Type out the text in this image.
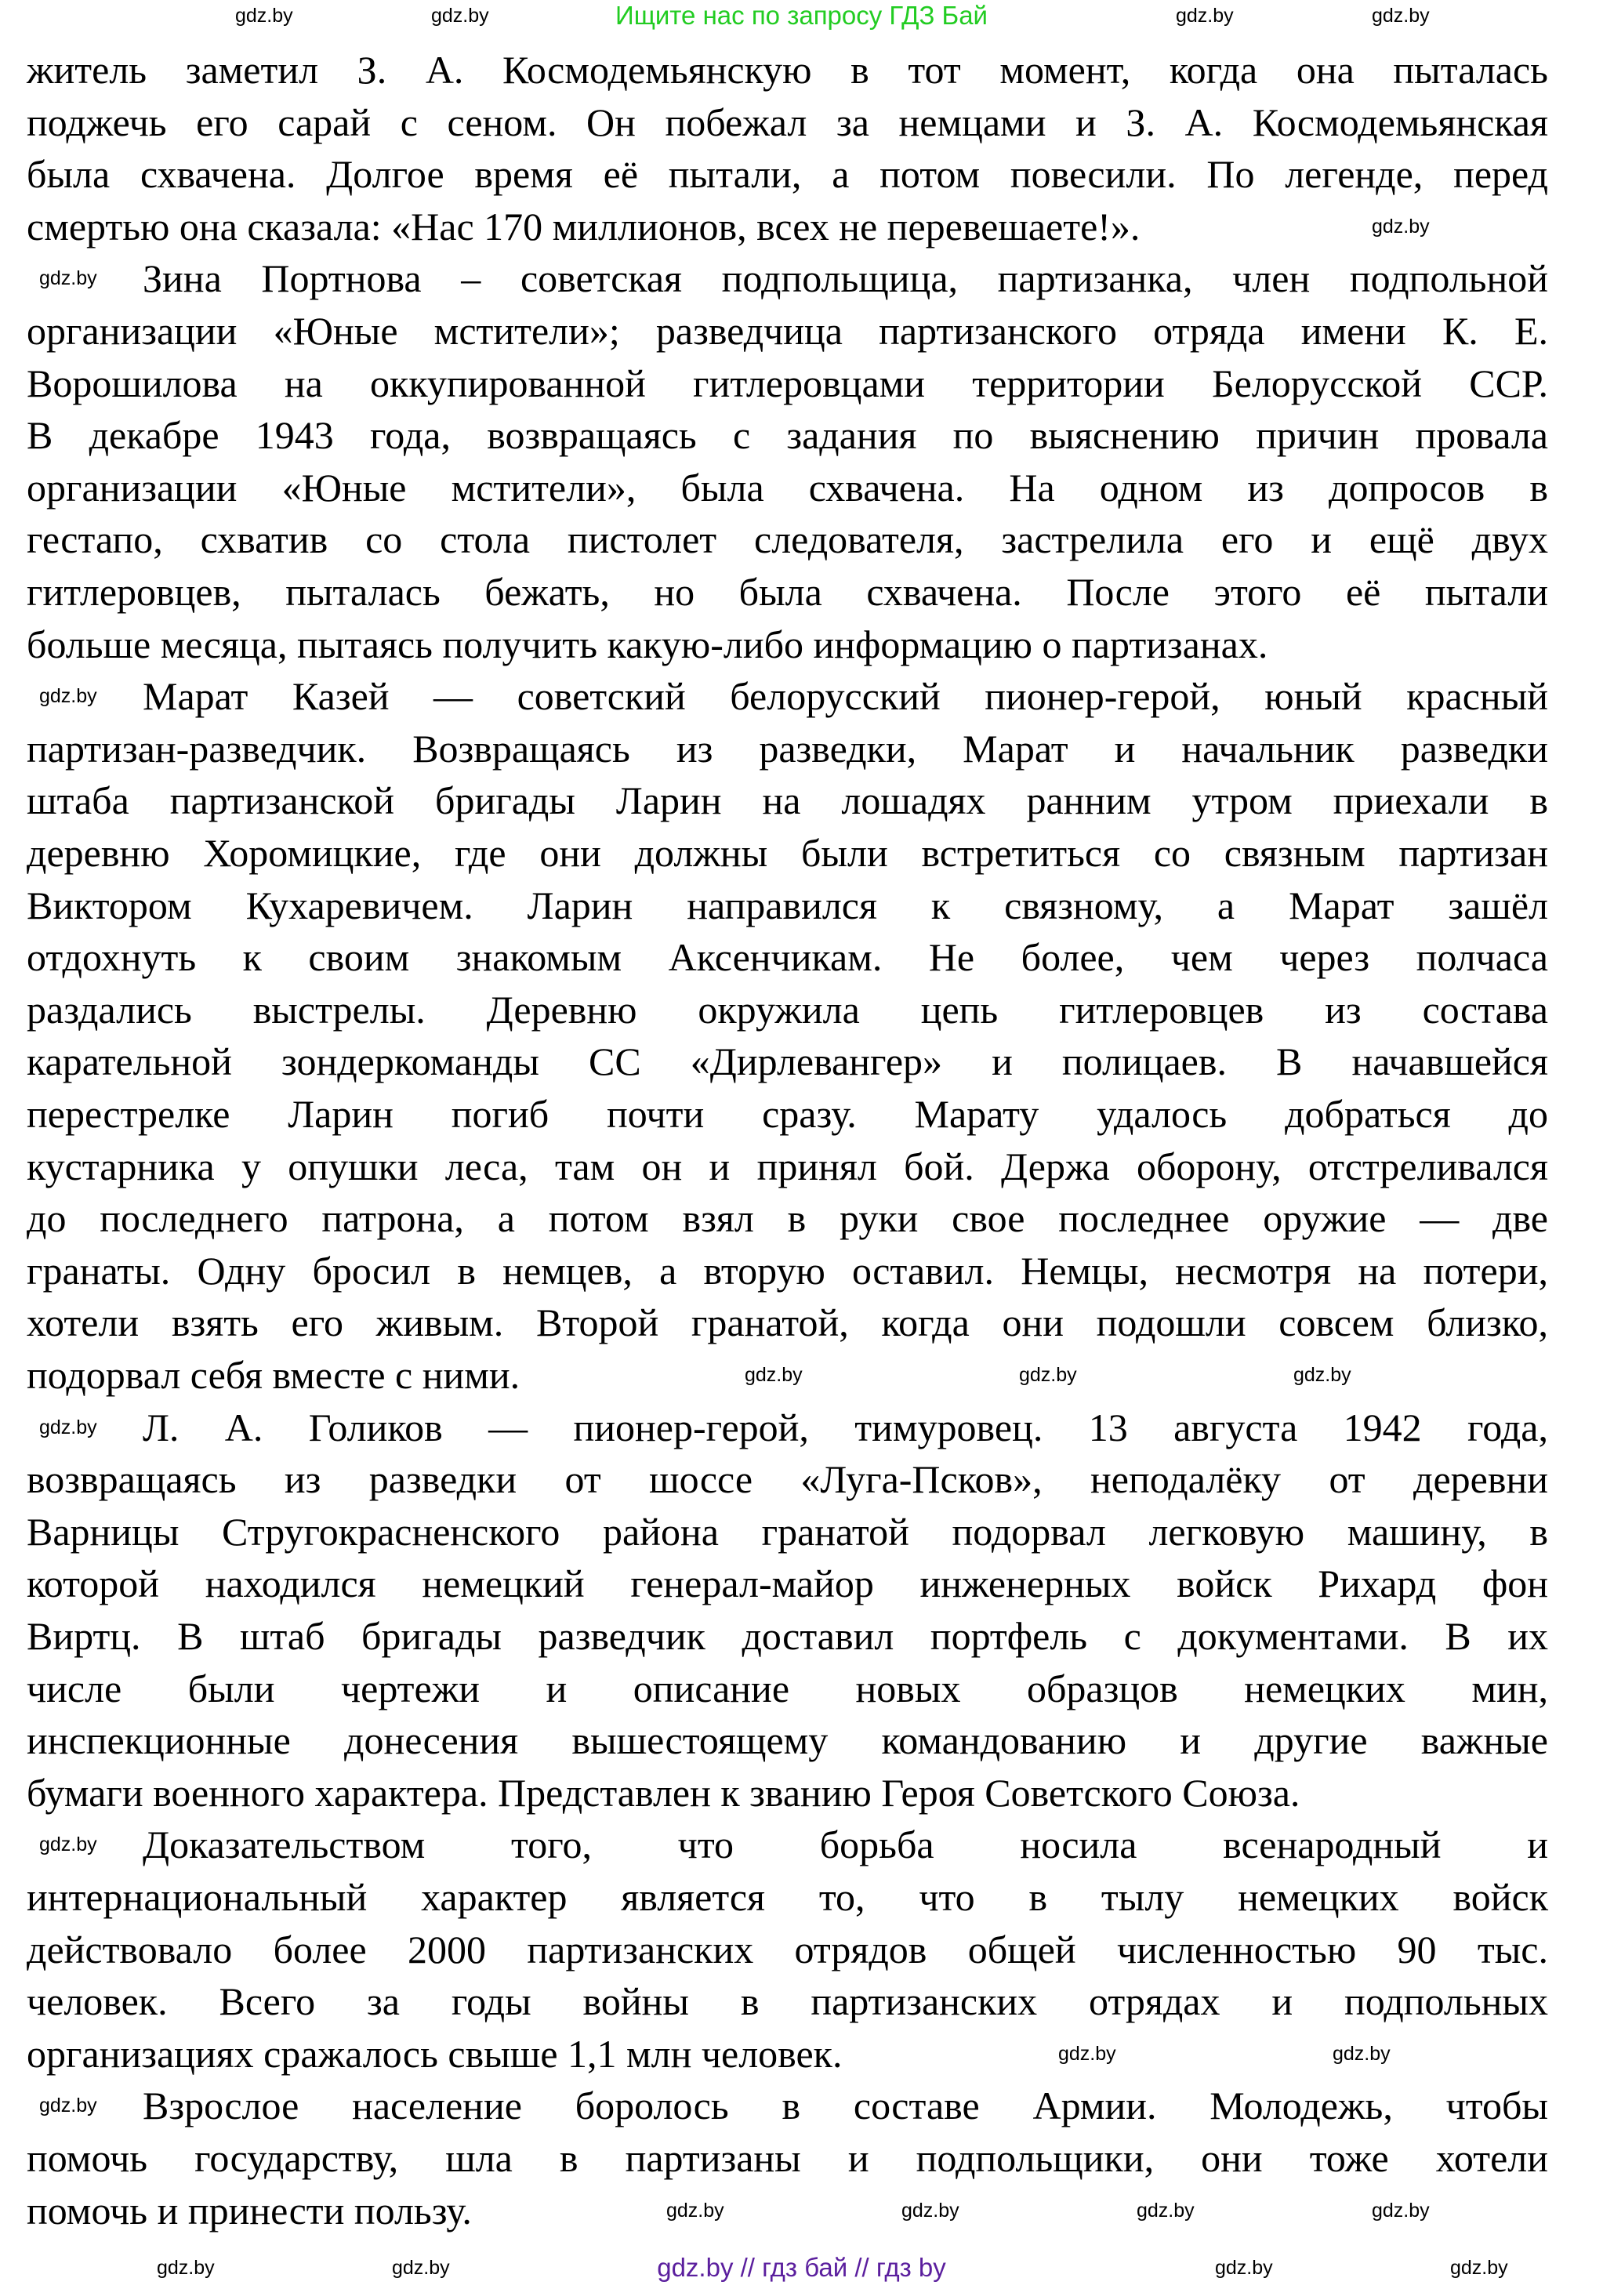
Ищите нас по запросу ГДЗ Бай
житель заметил З. А. Космодемьянскую в тот момент, когда она пыталась
поджечь его сарай с сеном. Он побежал за немцами и З. А. Космодемьянская
была схвачена. Долгое время её пытали, а потом повесили. По легенде, перед
смертью она сказала: «Нас 170 миллионов, всех не перевешаете!».
Зина Портнова – советская подпольщица, партизанка, член подпольной
организации «Юные мстители»; разведчица партизанского отряда имени К. Е.
Ворошилова на оккупированной гитлеровцами территории Белорусской ССР.
В декабре 1943 года, возвращаясь с задания по выяснению причин провала
организации «Юные мстители», была схвачена. На одном из допросов в
гестапо, схватив со стола пистолет следователя, застрелила его и ещё двух
гитлеровцев, пыталась бежать, но была схвачена. После этого её пытали
больше месяца, пытаясь получить какую-либо информацию о партизанах.
Марат Казей — советский белорусский пионер-герой, юный красный
партизан-разведчик. Возвращаясь из разведки, Марат и начальник разведки
штаба партизанской бригады Ларин на лошадях ранним утром приехали в
деревню Хоромицкие, где они должны были встретиться со связным партизан
Виктором Кухаревичем. Ларин направился к связному, а Марат зашёл
отдохнуть к своим знакомым Аксенчикам. Не более, чем через полчаса
раздались выстрелы. Деревню окружила цепь гитлеровцев из состава
карательной зондеркоманды СС «Дирлевангер» и полицаев. В начавшейся
перестрелке Ларин погиб почти сразу. Марату удалось добраться до
кустарника у опушки леса, там он и принял бой. Держа оборону, отстреливался
до последнего патрона, а потом взял в руки свое последнее оружие — две
гранаты. Одну бросил в немцев, а вторую оставил. Немцы, несмотря на потери,
хотели взять его живым. Второй гранатой, когда они подошли совсем близко,
подорвал себя вместе с ними.
Л. А. Голиков — пионер-герой, тимуровец. 13 августа 1942 года,
возвращаясь из разведки от шоссе «Луга-Псков», неподалёку от деревни
Варницы Стругокрасненского района гранатой подорвал легковую машину, в
которой находился немецкий генерал-майор инженерных войск Рихард фон
Виртц. В штаб бригады разведчик доставил портфель с документами. В их
числе были чертежи и описание новых образцов немецких мин,
инспекционные донесения вышестоящему командованию и другие важные
бумаги военного характера. Представлен к званию Героя Советского Союза.
Доказательством того, что борьба носила всенародный и
интернациональный характер является то, что в тылу немецких войск
действовало более 2000 партизанских отрядов общей численностью 90 тыс.
человек. Всего за годы войны в партизанских отрядах и подпольных
организациях сражалось свыше 1,1 млн человек.
Взрослое население боролось в составе Армии. Молодежь, чтобы
помочь государству, шла в партизаны и подпольщики, они тоже хотели
помочь и принести пользу.
gdz.by	gdz.by
gdz.by
gdz.by
gdz.by	gdz.by
gdz.by
gdz.by	gdz.by	gdz.by
gdz.by
gdz.by
gdz.by	gdz.by
gdz.by
gdz.by	gdz.by	gdz.by	gdz.by
gdz.by	gdz.by	gdz.by	gdz.by
gdz.by // гдз бай // гдз by
